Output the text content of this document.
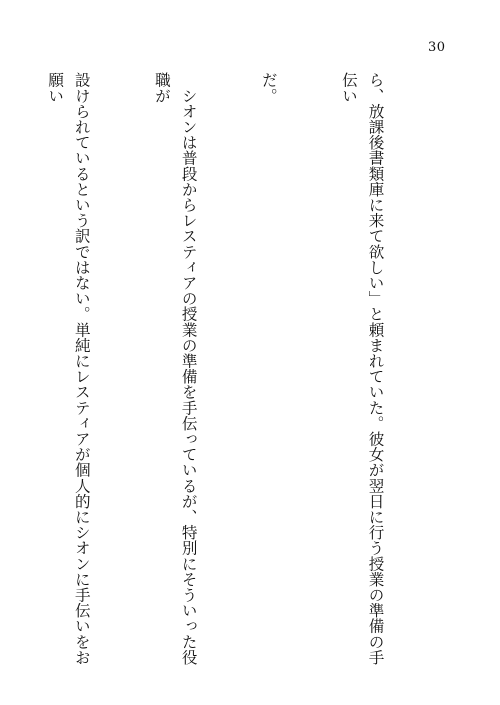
30

ら、放課後書類庫に来て欲しい」と頼まれていた。彼女が翌日に行う授業の準備の手伝い

だ。

　シオンは普段からレスティアの授業の準備を手伝っているが、特別にそういった役職が

設けられているという訳ではない。単純にレスティアが個人的にシオンに手伝いをお願い
